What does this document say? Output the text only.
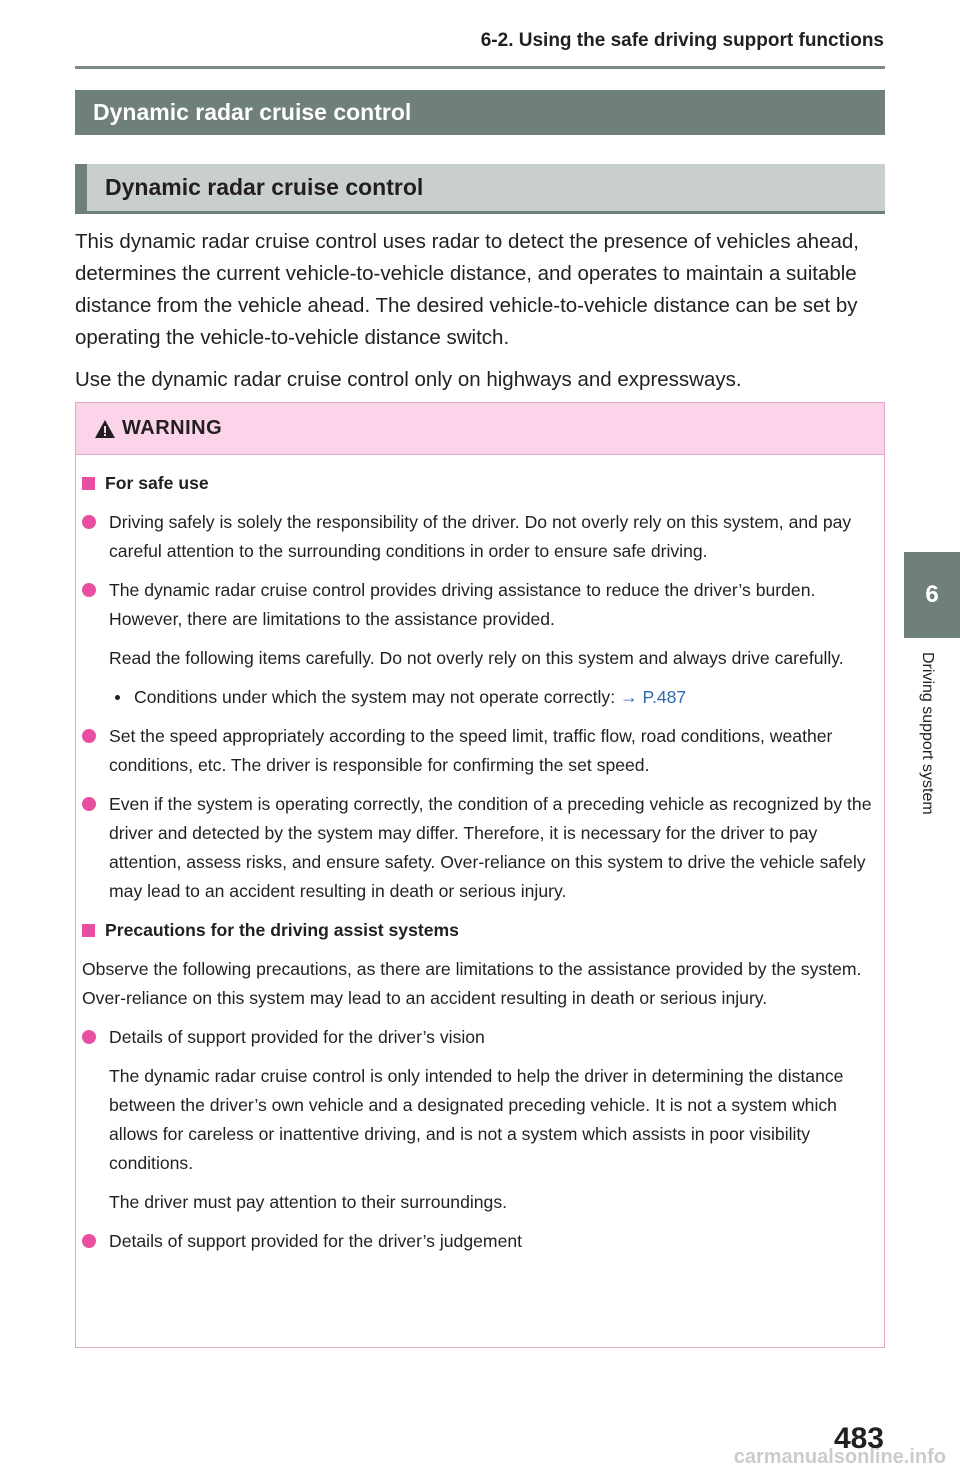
6-2. Using the safe driving support functions
Dynamic radar cruise control
Dynamic radar cruise control

This dynamic radar cruise control uses radar to detect the presence of vehicles ahead, determines the current vehicle-to-vehicle distance, and operates to maintain a suitable distance from the vehicle ahead. The desired vehicle-to-vehicle distance can be set by operating the vehicle-to-vehicle distance switch.

Use the dynamic radar cruise control only on highways and expressways.

WARNING
For safe use
Driving safely is solely the responsibility of the driver. Do not overly rely on this system, and pay careful attention to the surrounding conditions in order to ensure safe driving.
The dynamic radar cruise control provides driving assistance to reduce the driver’s burden. However, there are limitations to the assistance provided.
Read the following items carefully. Do not overly rely on this system and always drive carefully.
Conditions under which the system may not operate correctly: → P.487
Set the speed appropriately according to the speed limit, traffic flow, road conditions, weather conditions, etc. The driver is responsible for confirming the set speed.
Even if the system is operating correctly, the condition of a preceding vehicle as recognized by the driver and detected by the system may differ. Therefore, it is necessary for the driver to pay attention, assess risks, and ensure safety. Over-reliance on this system to drive the vehicle safely may lead to an accident resulting in death or serious injury.
Precautions for the driving assist systems
Observe the following precautions, as there are limitations to the assistance provided by the system. Over-reliance on this system may lead to an accident resulting in death or serious injury.
Details of support provided for the driver’s vision
The dynamic radar cruise control is only intended to help the driver in determining the distance between the driver’s own vehicle and a designated preceding vehicle. It is not a system which allows for careless or inattentive driving, and is not a system which assists in poor visibility conditions.
The driver must pay attention to their surroundings.
Details of support provided for the driver’s judgement
6
Driving support system
483
carmanualsonline.info
